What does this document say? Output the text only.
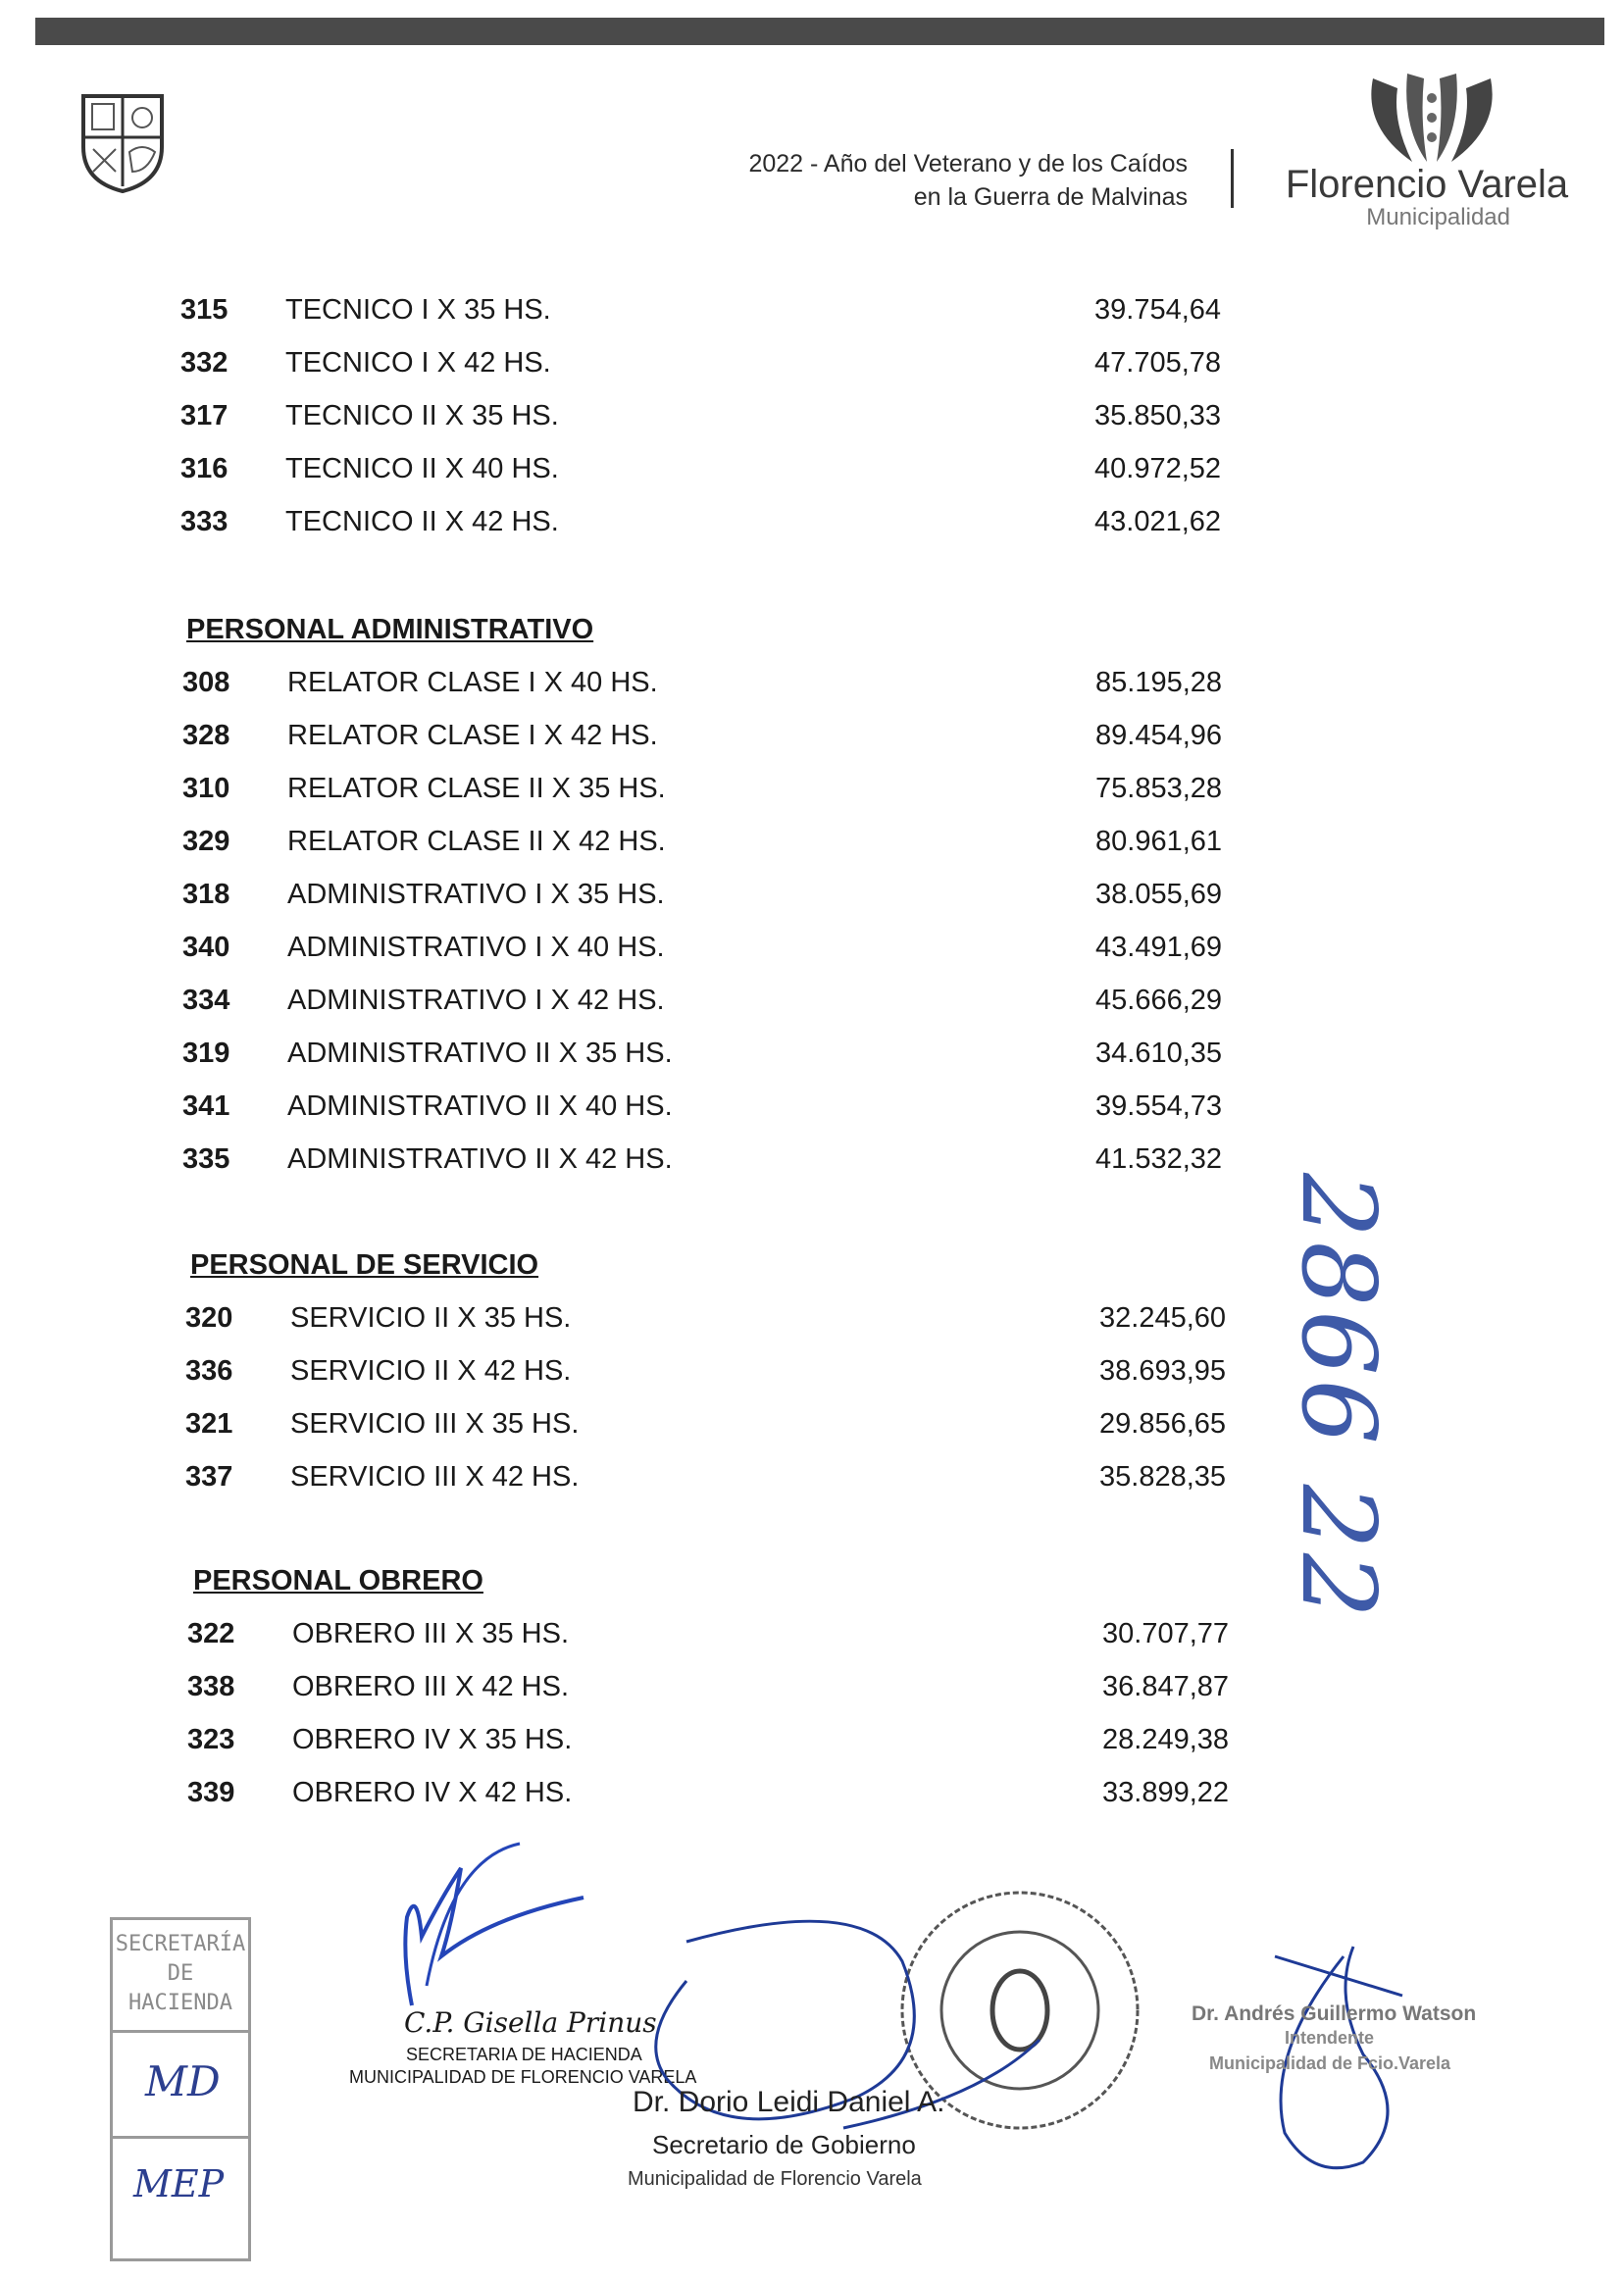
2022 - Año del Veterano y de los Caídos
en la Guerra de Malvinas Florencio Varela
Municipalidad
315 TECNICO I X 35 HS.	39.754,64
332 TECNICO I X 42 HS.	47.705,78
317 TECNICO II X 35 HS.	35.850,33
316 TECNICO II X 40 HS.	40.972,52
333 TECNICO II X 42 HS.	43.021,62
PERSONAL ADMINISTRATIVO
308 RELATOR CLASE I X 40 HS.	85.195,28
328 RELATOR CLASE I X 42 HS.	89.454,96
310 RELATOR CLASE II X 35 HS.	75.853,28
329 RELATOR CLASE II X 42 HS.	80.961,61
318 ADMINISTRATIVO I X 35 HS.	38.055,69
340 ADMINISTRATIVO I X 40 HS.	43.491,69
334 ADMINISTRATIVO I X 42 HS.	45.666,29
319 ADMINISTRATIVO II X 35 HS.	34.610,35
341 ADMINISTRATIVO II X 40 HS.	39.554,73
335 ADMINISTRATIVO II X 42 HS.	41.532,32
PERSONAL DE SERVICIO
320 SERVICIO II X 35 HS.	32.245,60
336 SERVICIO II X 42 HS.	38.693,95
321 SERVICIO III X 35 HS.	29.856,65
337 SERVICIO III X 42 HS.	35.828,35
PERSONAL OBRERO
322 OBRERO III X 35 HS.	30.707,77
338 OBRERO III X 42 HS.	36.847,87
323 OBRERO IV X 35 HS.	28.249,38
339 OBRERO IV X 42 HS.	33.899,22
2866 22
SECRETARÍA
DE
HACIENDA
MD
MEP
C.P. Gisella Prinus
SECRETARIA DE HACIENDA
MUNICIPALIDAD DE FLORENCIO VARELA
Dr. Dorio Leidi Daniel A.
Secretario de Gobierno
Municipalidad de Florencio Varela
Dr. Andrés Guillermo Watson
Intendente
Municipalidad de Fcio.Varela
